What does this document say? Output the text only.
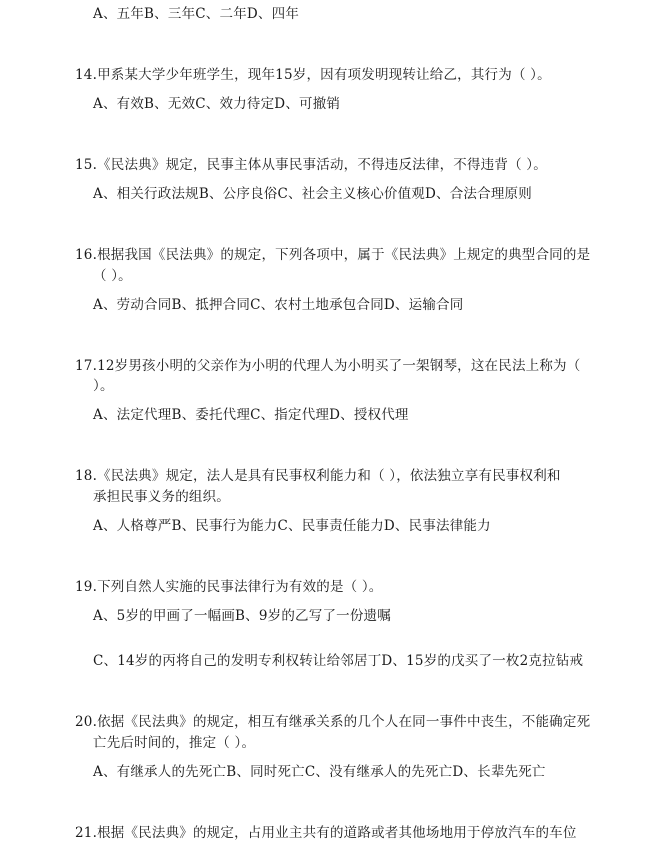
A、五年B、三年C、二年D、四年
14.甲系某大学少年班学生，现年15岁，因有项发明现转让给乙，其行为（ ）。
A、有效B、无效C、效力待定D、可撤销
15.《民法典》规定，民事主体从事民事活动，不得违反法律，不得违背（ ）。
A、相关行政法规B、公序良俗C、社会主义核心价值观D、合法合理原则
16.根据我国《民法典》的规定，下列各项中，属于《民法典》上规定的典型合同的是
（ ）。
A、劳动合同B、抵押合同C、农村土地承包合同D、运输合同
17.12岁男孩小明的父亲作为小明的代理人为小明买了一架钢琴，这在民法上称为（
）。
A、法定代理B、委托代理C、指定代理D、授权代理
18.《民法典》规定，法人是具有民事权利能力和（ ），依法独立享有民事权利和
承担民事义务的组织。
A、人格尊严B、民事行为能力C、民事责任能力D、民事法律能力
19.下列自然人实施的民事法律行为有效的是（ ）。
A、5岁的甲画了一幅画B、9岁的乙写了一份遗嘱
C、14岁的丙将自己的发明专利权转让给邻居丁D、15岁的戊买了一枚2克拉钻戒
20.依据《民法典》的规定，相互有继承关系的几个人在同一事件中丧生，不能确定死
亡先后时间的，推定（ ）。
A、有继承人的先死亡B、同时死亡C、没有继承人的先死亡D、长辈先死亡
21.根据《民法典》的规定，占用业主共有的道路或者其他场地用于停放汽车的车位
